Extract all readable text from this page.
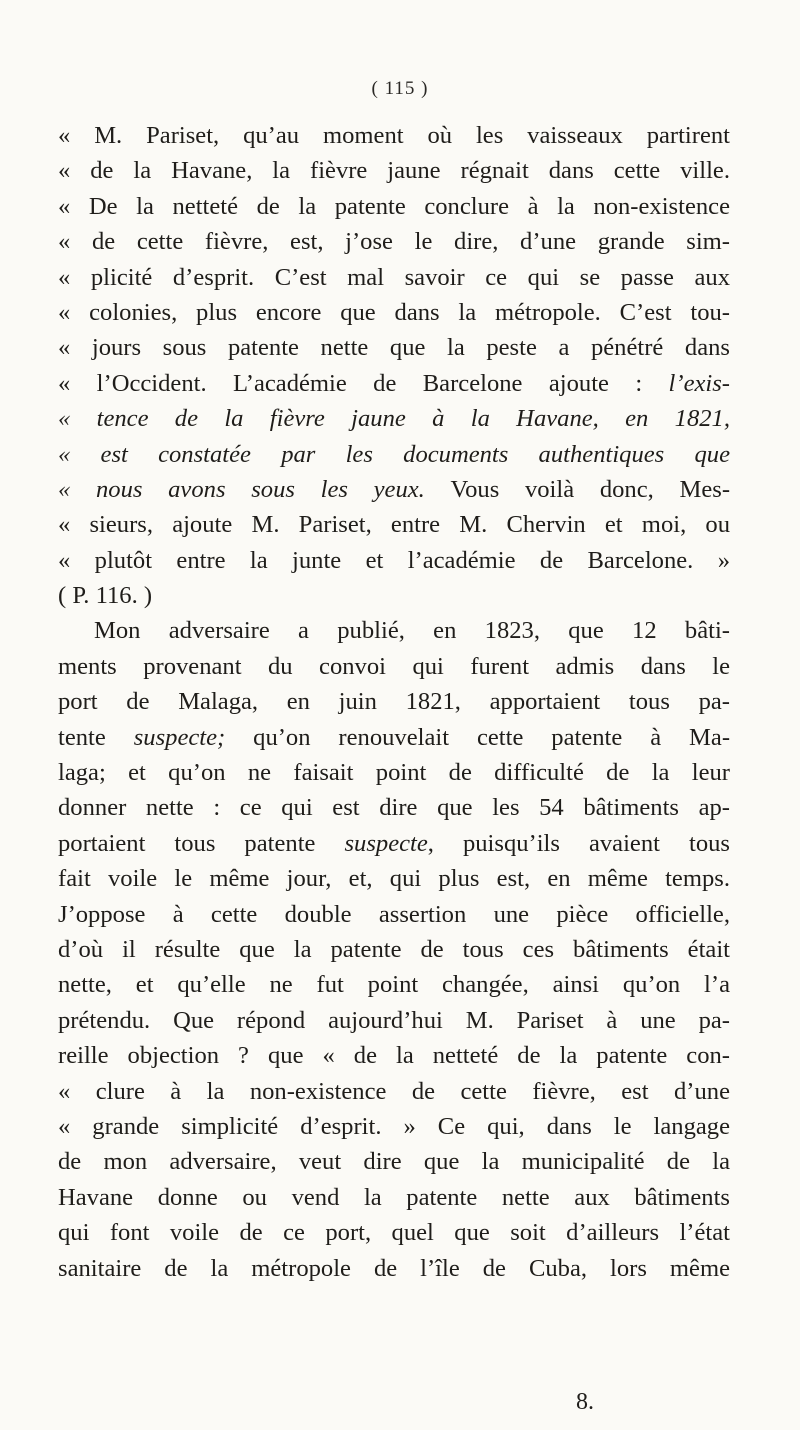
( 115 )
« M. Pariset, qu’au moment où les vaisseaux partirent
« de la Havane, la fièvre jaune régnait dans cette ville.
« De la netteté de la patente conclure à la non-existence
« de cette fièvre, est, j’ose le dire, d’une grande sim-
« plicité d’esprit. C’est mal savoir ce qui se passe aux
« colonies, plus encore que dans la métropole. C’est tou-
« jours sous patente nette que la peste a pénétré dans
« l’Occident. L’académie de Barcelone ajoute : l’exis-
« tence de la fièvre jaune à la Havane, en 1821,
« est constatée par les documents authentiques que
« nous avons sous les yeux. Vous voilà donc, Mes-
« sieurs, ajoute M. Pariset, entre M. Chervin et moi, ou
« plutôt entre la junte et l’académie de Barcelone. »
( P. 116. )
Mon adversaire a publié, en 1823, que 12 bâti-
ments provenant du convoi qui furent admis dans le
port de Malaga, en juin 1821, apportaient tous pa-
tente suspecte; qu’on renouvelait cette patente à Ma-
laga; et qu’on ne faisait point de difficulté de la leur
donner nette : ce qui est dire que les 54 bâtiments ap-
portaient tous patente suspecte, puisqu’ils avaient tous
fait voile le même jour, et, qui plus est, en même temps.
J’oppose à cette double assertion une pièce officielle,
d’où il résulte que la patente de tous ces bâtiments était
nette, et qu’elle ne fut point changée, ainsi qu’on l’a
prétendu. Que répond aujourd’hui M. Pariset à une pa-
reille objection ? que « de la netteté de la patente con-
« clure à la non-existence de cette fièvre, est d’une
« grande simplicité d’esprit. » Ce qui, dans le langage
de mon adversaire, veut dire que la municipalité de la
Havane donne ou vend la patente nette aux bâtiments
qui font voile de ce port, quel que soit d’ailleurs l’état
sanitaire de la métropole de l’île de Cuba, lors même
8.
